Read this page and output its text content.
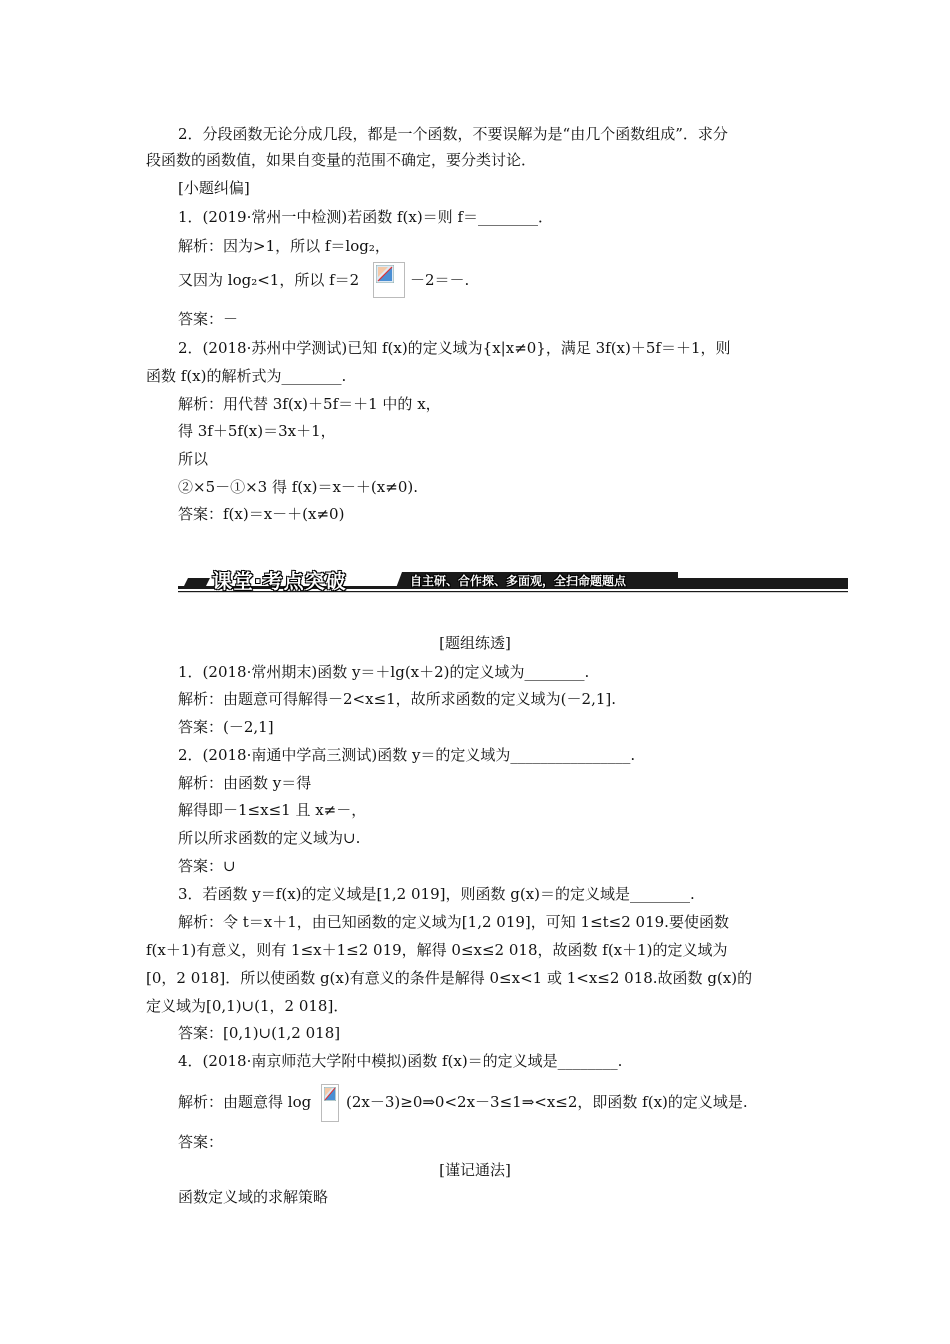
2．分段函数无论分成几段，都是一个函数，不要误解为是“由几个函数组成”．求分
段函数的函数值，如果自变量的范围不确定，要分类讨论．
[小题纠偏]
1．(2019·常州一中检测)若函数 f(x)＝则 f＝________．
解析：因为>1，所以 f＝log₂，
又因为 log₂<1，所以 f＝2	－2＝－.
答案：－
2．(2018·苏州中学测试)已知 f(x)的定义域为{x|x≠0}，满足 3f(x)＋5f＝＋1，则
函数 f(x)的解析式为________.
解析：用代替 3f(x)＋5f＝＋1 中的 x，
得 3f＋5f(x)＝3x＋1，
所以
②×5－①×3 得 f(x)＝x－＋(x≠0).
答案：f(x)＝x－＋(x≠0)
课堂·考点突破	自主研、合作探、多面观，全扫命题题点
[题组练透]
1．(2018·常州期末)函数 y＝＋lg(x＋2)的定义域为________.
解析：由题意可得解得－2<x≤1，故所求函数的定义域为(－2,1].
答案：(－2,1]
2．(2018·南通中学高三测试)函数 y＝的定义域为________________.
解析：由函数 y＝得
解得即－1≤x≤1 且 x≠－，
所以所求函数的定义域为∪.
答案：∪
3．若函数 y＝f(x)的定义域是[1,2 019]，则函数 g(x)＝的定义域是________.
解析：令 t＝x＋1，由已知函数的定义域为[1,2 019]，可知 1≤t≤2 019.要使函数
f(x＋1)有意义，则有 1≤x＋1≤2 019，解得 0≤x≤2 018，故函数 f(x＋1)的定义域为
[0，2 018]．所以使函数 g(x)有意义的条件是解得 0≤x<1 或 1<x≤2 018.故函数 g(x)的
定义域为[0,1)∪(1，2 018]．
答案：[0,1)∪(1,2 018]
4．(2018·南京师范大学附中模拟)函数 f(x)＝的定义域是________.
解析：由题意得 log (2x－3)≥0⇒0<2x－3≤1⇒<x≤2，即函数 f(x)的定义域是.
答案：
[谨记通法]
函数定义域的求解策略
